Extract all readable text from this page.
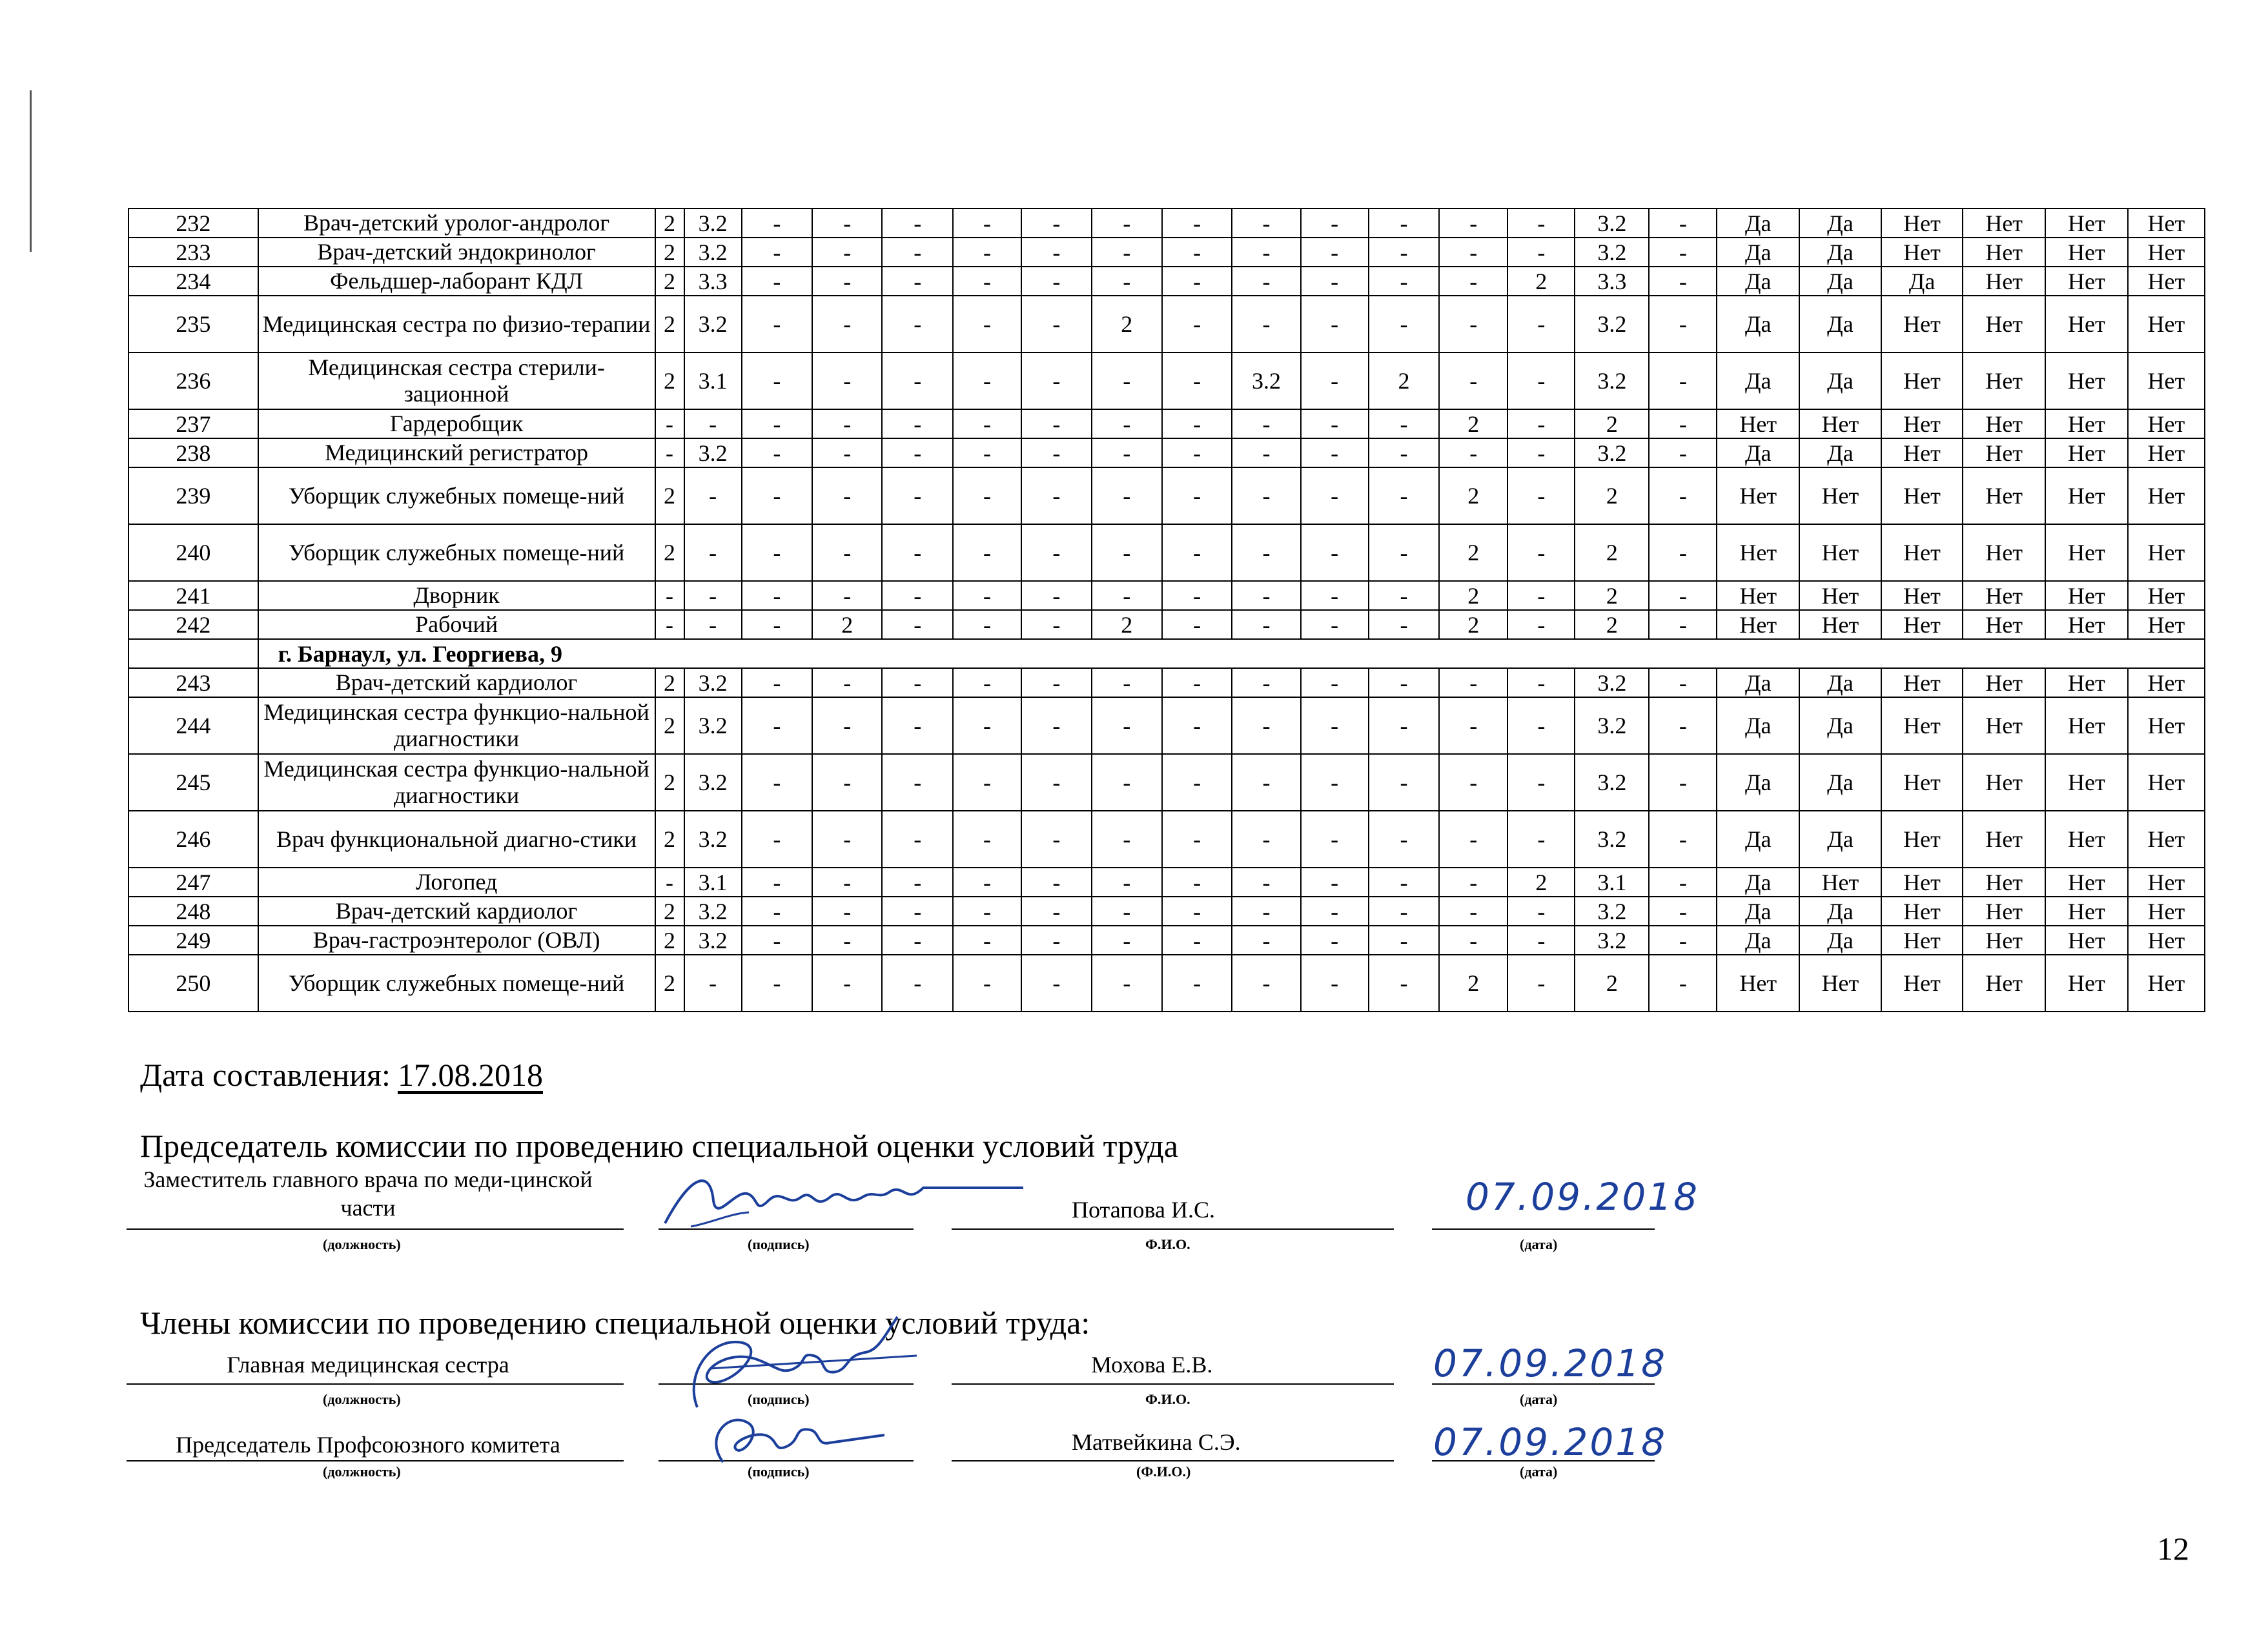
232	Врач-детский уролог-андролог	2	3.2	-	-	-	-	-	-	-	-	-	-	-	-	3.2	-	Да	Да	Нет	Нет	Нет	Нет
233	Врач-детский эндокринолог	2	3.2	-	-	-	-	-	-	-	-	-	-	-	-	3.2	-	Да	Да	Нет	Нет	Нет	Нет
234	Фельдшер-лаборант КДЛ	2	3.3	-	-	-	-	-	-	-	-	-	-	-	2	3.3	-	Да	Да	Да	Нет	Нет	Нет
235	Медицинская сестра по физио-терапии	2	3.2	-	-	-	-	-	2	-	-	-	-	-	-	3.2	-	Да	Да	Нет	Нет	Нет	Нет
236	Медицинская сестра стерили-зационной	2	3.1	-	-	-	-	-	-	-	3.2	-	2	-	-	3.2	-	Да	Да	Нет	Нет	Нет	Нет
237	Гардеробщик	-	-	-	-	-	-	-	-	-	-	-	-	2	-	2	-	Нет	Нет	Нет	Нет	Нет	Нет
238	Медицинский регистратор	-	3.2	-	-	-	-	-	-	-	-	-	-	-	-	3.2	-	Да	Да	Нет	Нет	Нет	Нет
239	Уборщик служебных помеще-ний	2	-	-	-	-	-	-	-	-	-	-	-	2	-	2	-	Нет	Нет	Нет	Нет	Нет	Нет
240	Уборщик служебных помеще-ний	2	-	-	-	-	-	-	-	-	-	-	-	2	-	2	-	Нет	Нет	Нет	Нет	Нет	Нет
241	Дворник	-	-	-	-	-	-	-	-	-	-	-	-	2	-	2	-	Нет	Нет	Нет	Нет	Нет	Нет
242	Рабочий	-	-	-	2	-	-	-	2	-	-	-	-	2	-	2	-	Нет	Нет	Нет	Нет	Нет	Нет
	г. Барнаул, ул. Георгиева, 9																						
243	Врач-детский кардиолог	2	3.2	-	-	-	-	-	-	-	-	-	-	-	-	3.2	-	Да	Да	Нет	Нет	Нет	Нет
244	Медицинская сестра функцио-нальной диагностики	2	3.2	-	-	-	-	-	-	-	-	-	-	-	-	3.2	-	Да	Да	Нет	Нет	Нет	Нет
245	Медицинская сестра функцио-нальной диагностики	2	3.2	-	-	-	-	-	-	-	-	-	-	-	-	3.2	-	Да	Да	Нет	Нет	Нет	Нет
246	Врач функциональной диагно-стики	2	3.2	-	-	-	-	-	-	-	-	-	-	-	-	3.2	-	Да	Да	Нет	Нет	Нет	Нет
247	Логопед	-	3.1	-	-	-	-	-	-	-	-	-	-	-	2	3.1	-	Да	Нет	Нет	Нет	Нет	Нет
248	Врач-детский кардиолог	2	3.2	-	-	-	-	-	-	-	-	-	-	-	-	3.2	-	Да	Да	Нет	Нет	Нет	Нет
249	Врач-гастроэнтеролог (ОВЛ)	2	3.2	-	-	-	-	-	-	-	-	-	-	-	-	3.2	-	Да	Да	Нет	Нет	Нет	Нет
250	Уборщик служебных помеще-ний	2	-	-	-	-	-	-	-	-	-	-	-	2	-	2	-	Нет	Нет	Нет	Нет	Нет	Нет
Дата составления: 17.08.2018
Председатель комиссии по проведению специальной оценки условий труда
Заместитель главного врача по меди-цинской части	Потапова И.С.	07.09.2018
(должность)	(подпись)	Ф.И.О.	(дата)
Члены комиссии по проведению специальной оценки условий труда:
Главная медицинская сестра	Мохова Е.В.	07.09.2018
(должность)	(подпись)	Ф.И.О.	(дата)
Председатель Профсоюзного комитета	Матвейкина С.Э.	07.09.2018
(должность)	(подпись)	(Ф.И.О.)	(дата)
12
